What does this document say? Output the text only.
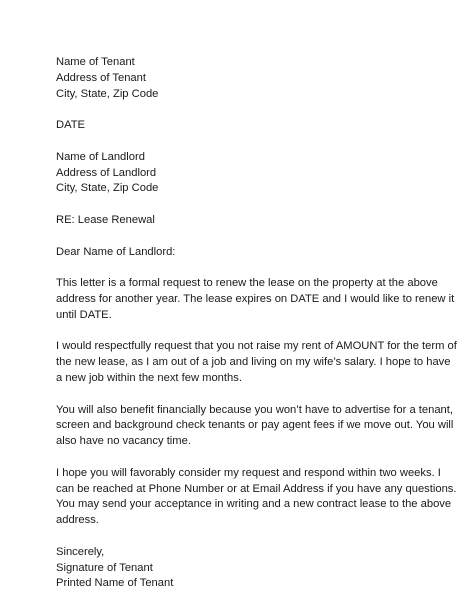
Name of Tenant
Address of Tenant
City, State, Zip Code
DATE
Name of Landlord
Address of Landlord
City, State, Zip Code
RE: Lease Renewal
Dear Name of Landlord:
This letter is a formal request to renew the lease on the property at the above
address for another year. The lease expires on DATE and I would like to renew it
until DATE.
I would respectfully request that you not raise my rent of AMOUNT for the term of
the new lease, as I am out of a job and living on my wife’s salary. I hope to have
a new job within the next few months.
You will also benefit financially because you won’t have to advertise for a tenant,
screen and background check tenants or pay agent fees if we move out. You will
also have no vacancy time.
I hope you will favorably consider my request and respond within two weeks. I
can be reached at Phone Number or at Email Address if you have any questions.
You may send your acceptance in writing and a new contract lease to the above
address.
Sincerely,
Signature of Tenant
Printed Name of Tenant
